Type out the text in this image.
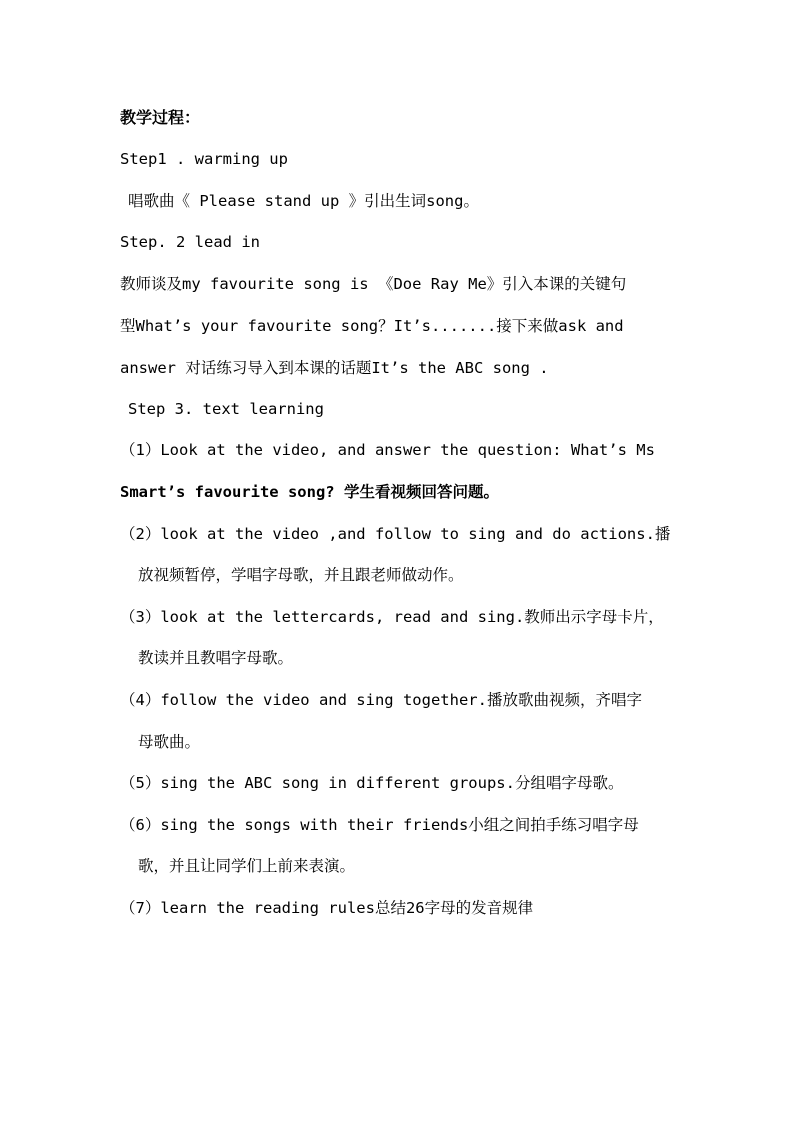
教学过程：
Step1 . warming up
唱歌曲《 Please stand up 》引出生词song。
Step. 2 lead in
教师谈及my favourite song is 《Doe Ray Me》引入本课的关键句
型What’s your favourite song？It’s.......接下来做ask and
answer 对话练习导入到本课的话题It’s the ABC song .
Step 3. text learning
（1）Look at the video, and answer the question: What’s Ms
Smart’s favourite song? 学生看视频回答问题。
（2）look at the video ,and follow to sing and do actions.播
放视频暂停，学唱字母歌，并且跟老师做动作。
（3）look at the lettercards, read and sing.教师出示字母卡片，
教读并且教唱字母歌。
（4）follow the video and sing together.播放歌曲视频，齐唱字
母歌曲。
（5）sing the ABC song in different groups.分组唱字母歌。
（6）sing the songs with their friends小组之间拍手练习唱字母
歌，并且让同学们上前来表演。
（7）learn the reading rules总结26字母的发音规律
